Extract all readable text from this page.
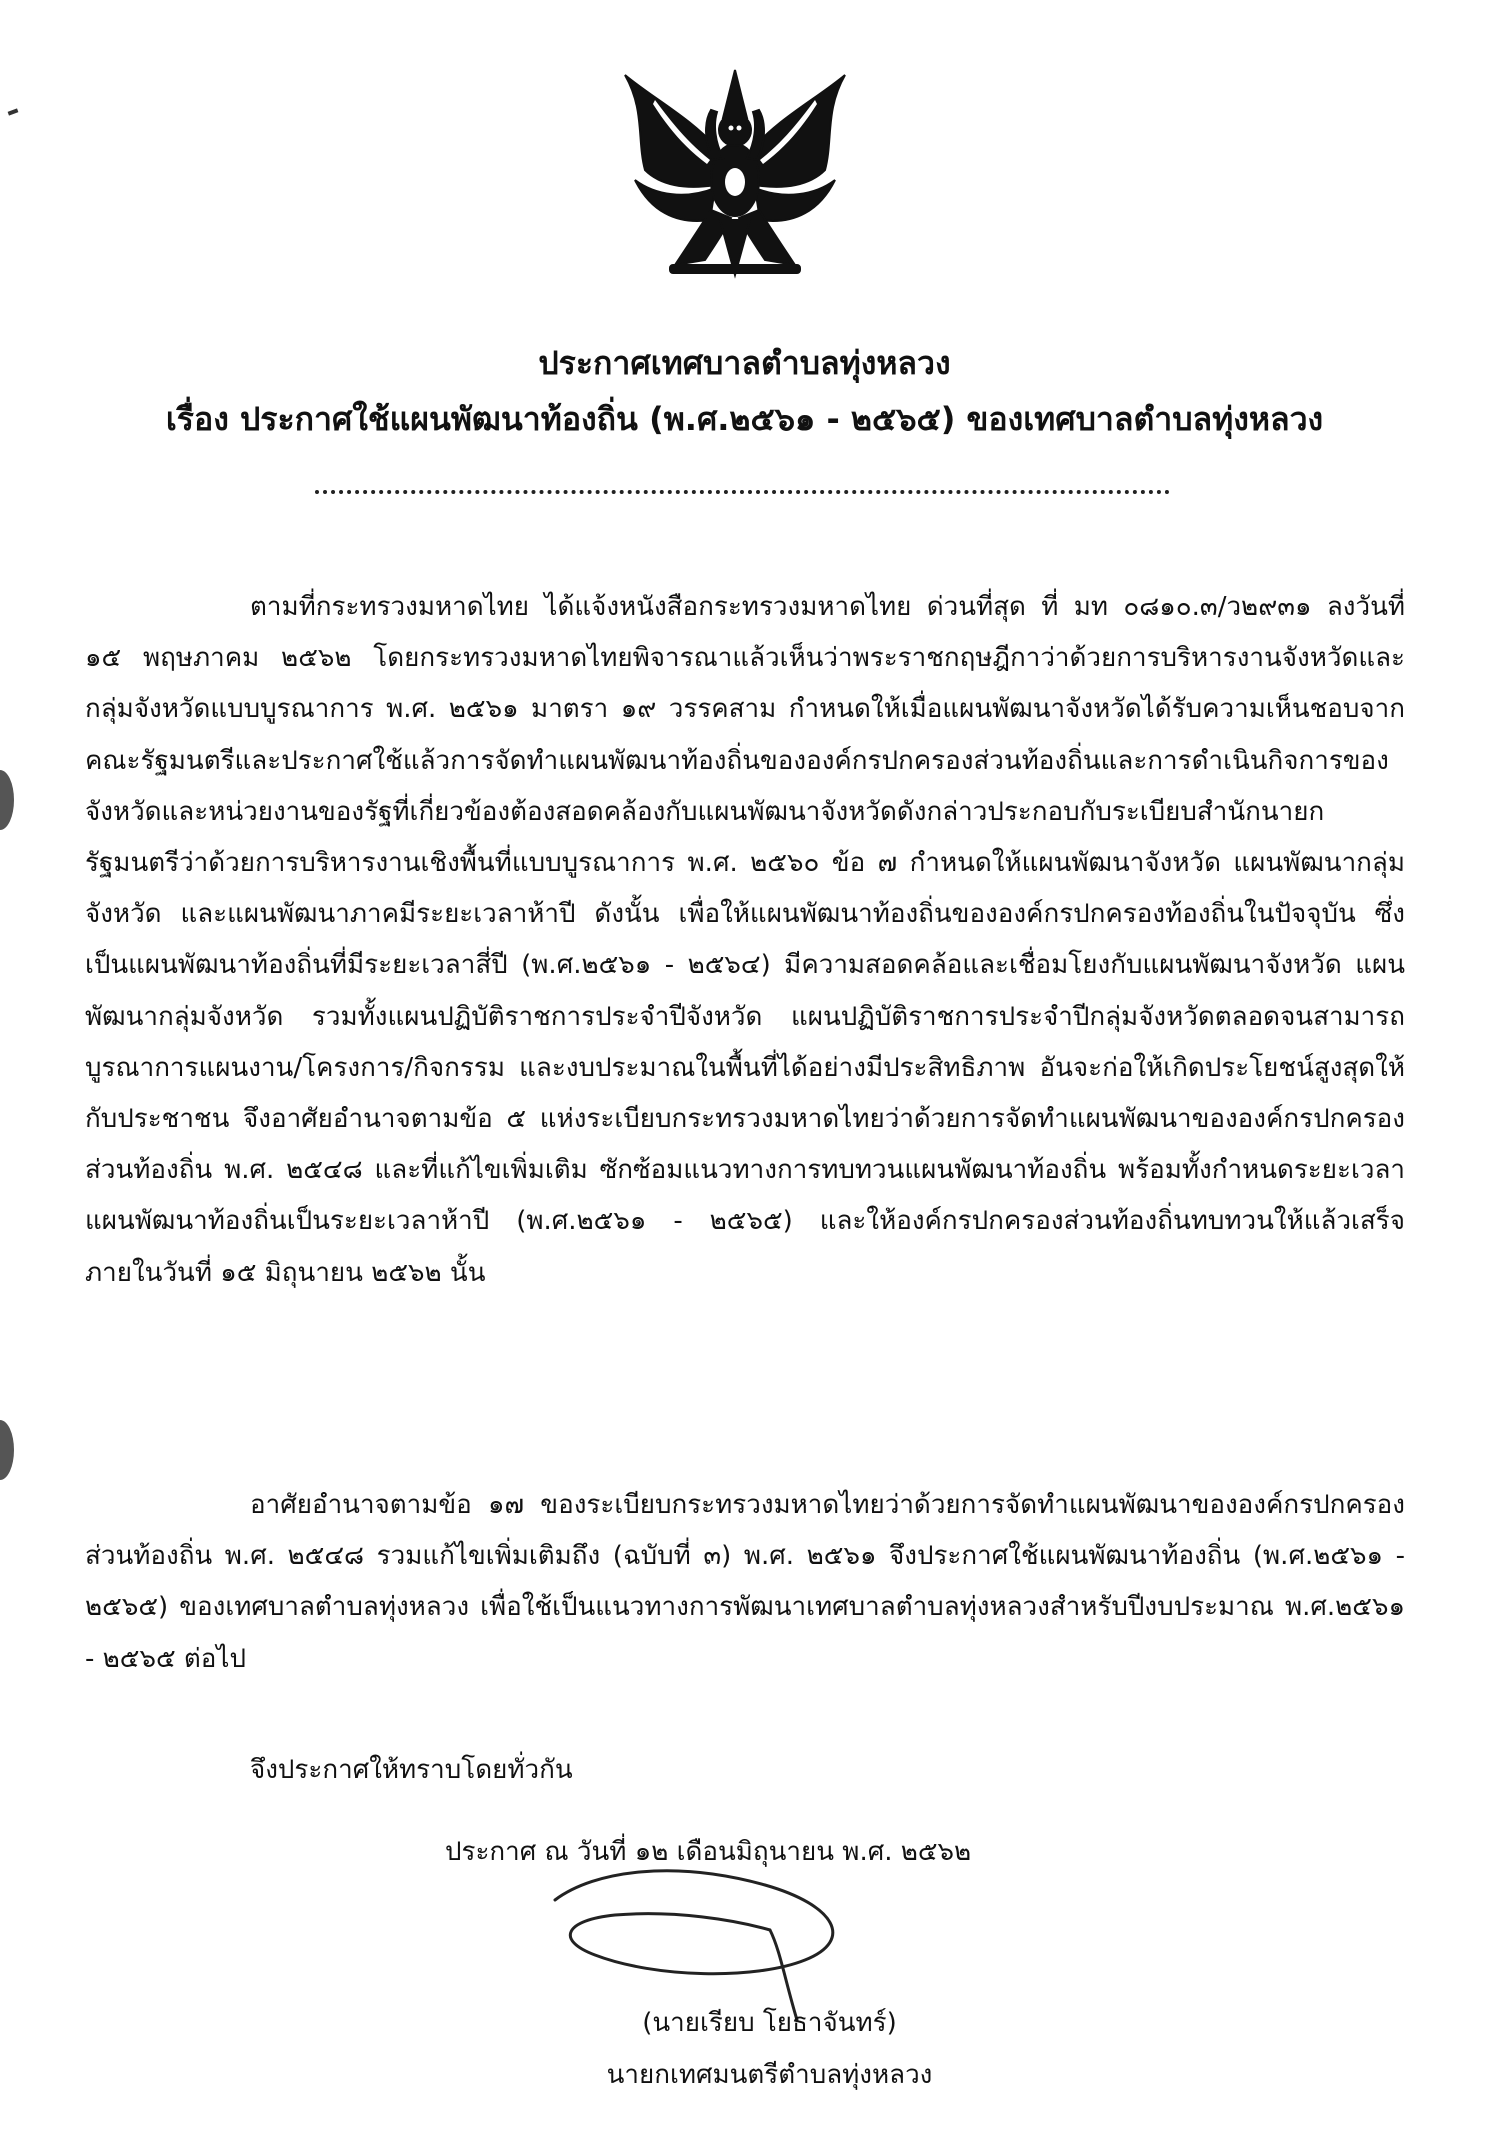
ประกาศเทศบาลตำบลทุ่งหลวง
เรื่อง ประกาศใช้แผนพัฒนาท้องถิ่น (พ.ศ.๒๕๖๑ - ๒๕๖๕) ของเทศบาลตำบลทุ่งหลวง
ตามที่กระทรวงมหาดไทย ได้แจ้งหนังสือกระทรวงมหาดไทย ด่วนที่สุด ที่ มท ๐๘๑๐.๓/ว๒๙๓๑ ลงวันที่ ๑๕ พฤษภาคม ๒๕๖๒ โดยกระทรวงมหาดไทยพิจารณาแล้วเห็นว่าพระราชกฤษฎีกาว่าด้วยการบริหารงานจังหวัดและกลุ่มจังหวัดแบบบูรณาการ พ.ศ. ๒๕๖๑ มาตรา ๑๙ วรรคสาม กำหนดให้เมื่อแผนพัฒนาจังหวัดได้รับความเห็นชอบจากคณะรัฐมนตรีและประกาศใช้แล้วการจัดทำแผนพัฒนาท้องถิ่นขององค์กรปกครองส่วนท้องถิ่นและการดำเนินกิจการของจังหวัดและหน่วยงานของรัฐที่เกี่ยวข้องต้องสอดคล้องกับแผนพัฒนาจังหวัดดังกล่าวประกอบกับระเบียบสำนักนายกรัฐมนตรีว่าด้วยการบริหารงานเชิงพื้นที่แบบบูรณาการ พ.ศ. ๒๕๖๐ ข้อ ๗ กำหนดให้แผนพัฒนาจังหวัด แผนพัฒนากลุ่มจังหวัด และแผนพัฒนาภาคมีระยะเวลาห้าปี ดังนั้น เพื่อให้แผนพัฒนาท้องถิ่นขององค์กรปกครองท้องถิ่นในปัจจุบัน ซึ่งเป็นแผนพัฒนาท้องถิ่นที่มีระยะเวลาสี่ปี (พ.ศ.๒๕๖๑ - ๒๕๖๔) มีความสอดคล้อและเชื่อมโยงกับแผนพัฒนาจังหวัด แผนพัฒนากลุ่มจังหวัด รวมทั้งแผนปฏิบัติราชการประจำปีจังหวัด แผนปฏิบัติราชการประจำปีกลุ่มจังหวัดตลอดจนสามารถบูรณาการแผนงาน/โครงการ/กิจกรรม และงบประมาณในพื้นที่ได้อย่างมีประสิทธิภาพ อันจะก่อให้เกิดประโยชน์สูงสุดให้กับประชาชน จึงอาศัยอำนาจตามข้อ ๕ แห่งระเบียบกระทรวงมหาดไทยว่าด้วยการจัดทำแผนพัฒนาขององค์กรปกครองส่วนท้องถิ่น พ.ศ. ๒๕๔๘ และที่แก้ไขเพิ่มเติม ซักซ้อมแนวทางการทบทวนแผนพัฒนาท้องถิ่น พร้อมทั้งกำหนดระยะเวลาแผนพัฒนาท้องถิ่นเป็นระยะเวลาห้าปี (พ.ศ.๒๕๖๑ - ๒๕๖๕) และให้องค์กรปกครองส่วนท้องถิ่นทบทวนให้แล้วเสร็จภายในวันที่ ๑๕ มิถุนายน ๒๕๖๒ นั้น
อาศัยอำนาจตามข้อ ๑๗ ของระเบียบกระทรวงมหาดไทยว่าด้วยการจัดทำแผนพัฒนาขององค์กรปกครองส่วนท้องถิ่น พ.ศ. ๒๕๔๘ รวมแก้ไขเพิ่มเติมถึง (ฉบับที่ ๓) พ.ศ. ๒๕๖๑ จึงประกาศใช้แผนพัฒนาท้องถิ่น (พ.ศ.๒๕๖๑ - ๒๕๖๕) ของเทศบาลตำบลทุ่งหลวง เพื่อใช้เป็นแนวทางการพัฒนาเทศบาลตำบลทุ่งหลวงสำหรับปีงบประมาณ พ.ศ.๒๕๖๑ - ๒๕๖๕ ต่อไป
จึงประกาศให้ทราบโดยทั่วกัน
ประกาศ ณ วันที่ ๑๒ เดือนมิถุนายน พ.ศ. ๒๕๖๒
(นายเรียบ โยธาจันทร์)
นายกเทศมนตรีตำบลทุ่งหลวง
